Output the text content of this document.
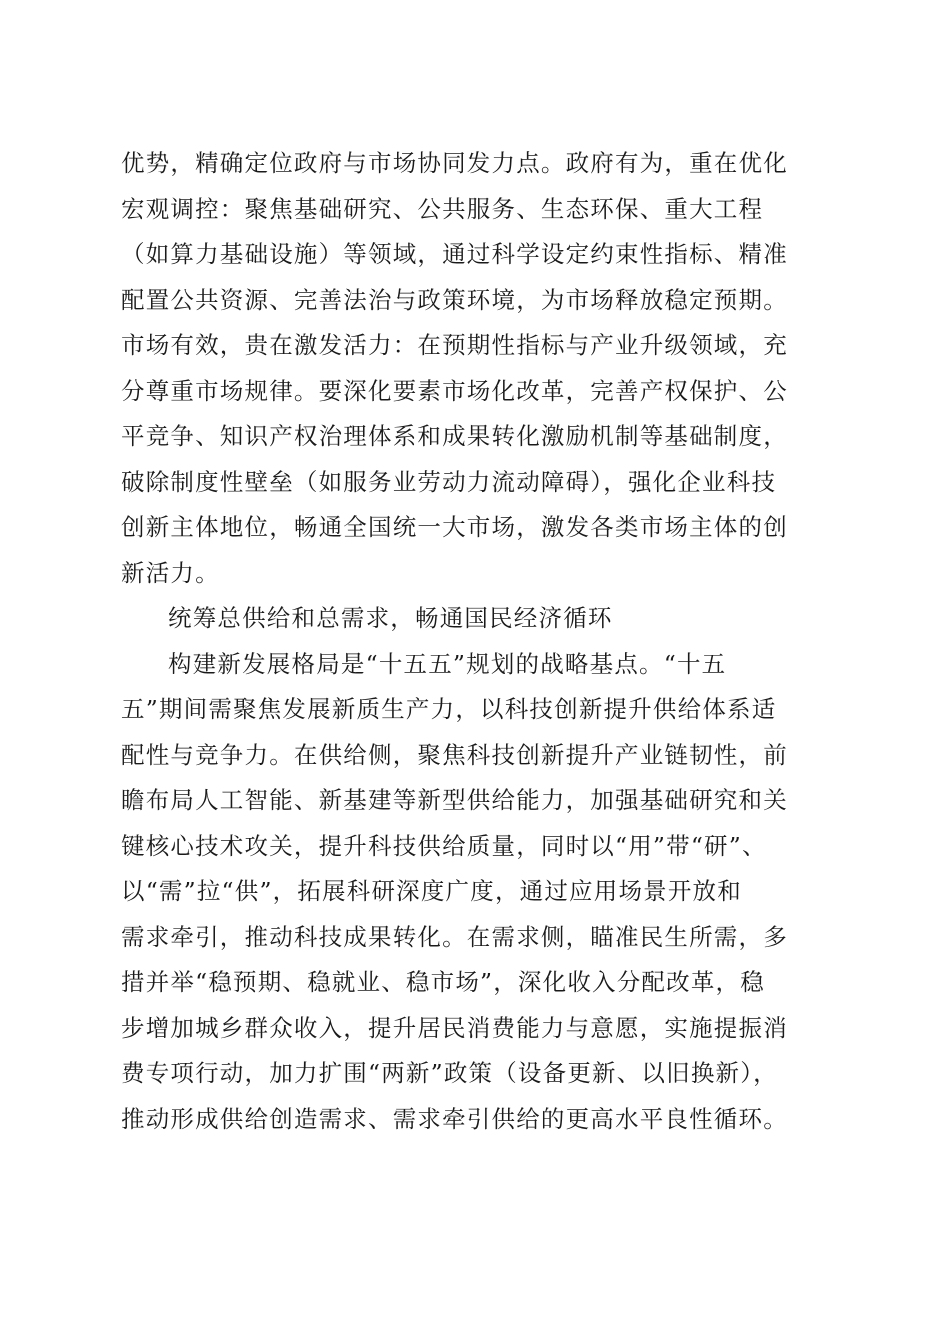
优势，精确定位政府与市场协同发力点。政府有为，重在优化
宏观调控：聚焦基础研究、公共服务、生态环保、重大工程
（如算力基础设施）等领域，通过科学设定约束性指标、精准
配置公共资源、完善法治与政策环境，为市场释放稳定预期。
市场有效，贵在激发活力：在预期性指标与产业升级领域，充
分尊重市场规律。要深化要素市场化改革，完善产权保护、公
平竞争、知识产权治理体系和成果转化激励机制等基础制度，
破除制度性壁垒（如服务业劳动力流动障碍），强化企业科技
创新主体地位，畅通全国统一大市场，激发各类市场主体的创
新活力。
统筹总供给和总需求，畅通国民经济循环
构建新发展格局是“十五五”规划的战略基点。“十五
五”期间需聚焦发展新质生产力，以科技创新提升供给体系适
配性与竞争力。在供给侧，聚焦科技创新提升产业链韧性，前
瞻布局人工智能、新基建等新型供给能力，加强基础研究和关
键核心技术攻关，提升科技供给质量，同时以“用”带“研”、
以“需”拉“供”，拓展科研深度广度，通过应用场景开放和
需求牵引，推动科技成果转化。在需求侧，瞄准民生所需，多
措并举“稳预期、稳就业、稳市场”，深化收入分配改革，稳
步增加城乡群众收入，提升居民消费能力与意愿，实施提振消
费专项行动，加力扩围“两新”政策（设备更新、以旧换新），
推动形成供给创造需求、需求牵引供给的更高水平良性循环。
